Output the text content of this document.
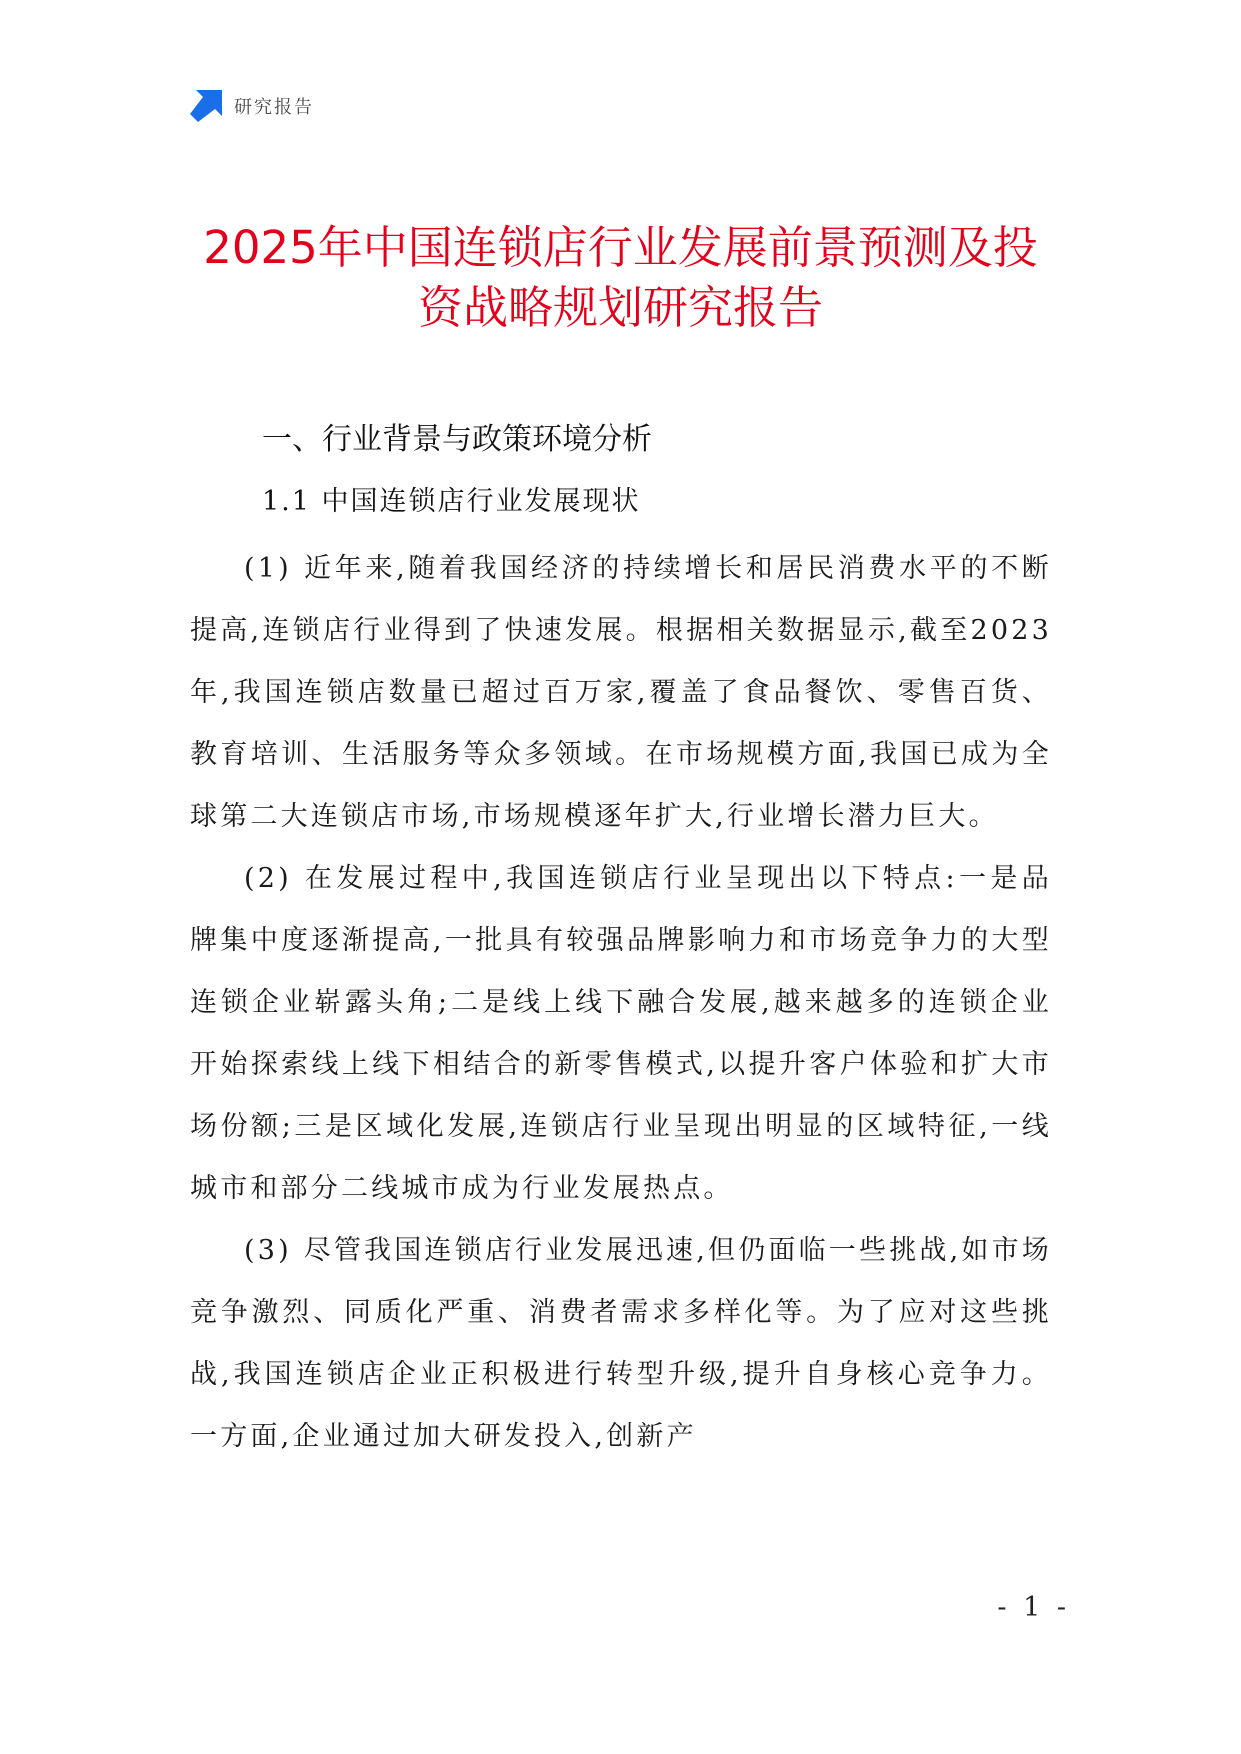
研究报告
2025年中国连锁店行业发展前景预测及投
资战略规划研究报告
一、行业背景与政策环境分析
1.1 中国连锁店行业发展现状

(1) 近年来,随着我国经济的持续增长和居民消费水平的不断提高,连锁店行业得到了快速发展。根据相关数据显示,截至2023年,我国连锁店数量已超过百万家,覆盖了食品餐饮、零售百货、教育培训、生活服务等众多领域。在市场规模方面,我国已成为全球第二大连锁店市场,市场规模逐年扩大,行业增长潜力巨大。

(2) 在发展过程中,我国连锁店行业呈现出以下特点:一是品牌集中度逐渐提高,一批具有较强品牌影响力和市场竞争力的大型连锁企业崭露头角;二是线上线下融合发展,越来越多的连锁企业开始探索线上线下相结合的新零售模式,以提升客户体验和扩大市场份额;三是区域化发展,连锁店行业呈现出明显的区域特征,一线城市和部分二线城市成为行业发展热点。

(3) 尽管我国连锁店行业发展迅速,但仍面临一些挑战,如市场竞争激烈、同质化严重、消费者需求多样化等。为了应对这些挑战,我国连锁店企业正积极进行转型升级,提升自身核心竞争力。一方面,企业通过加大研发投入,创新产

- 1 -
